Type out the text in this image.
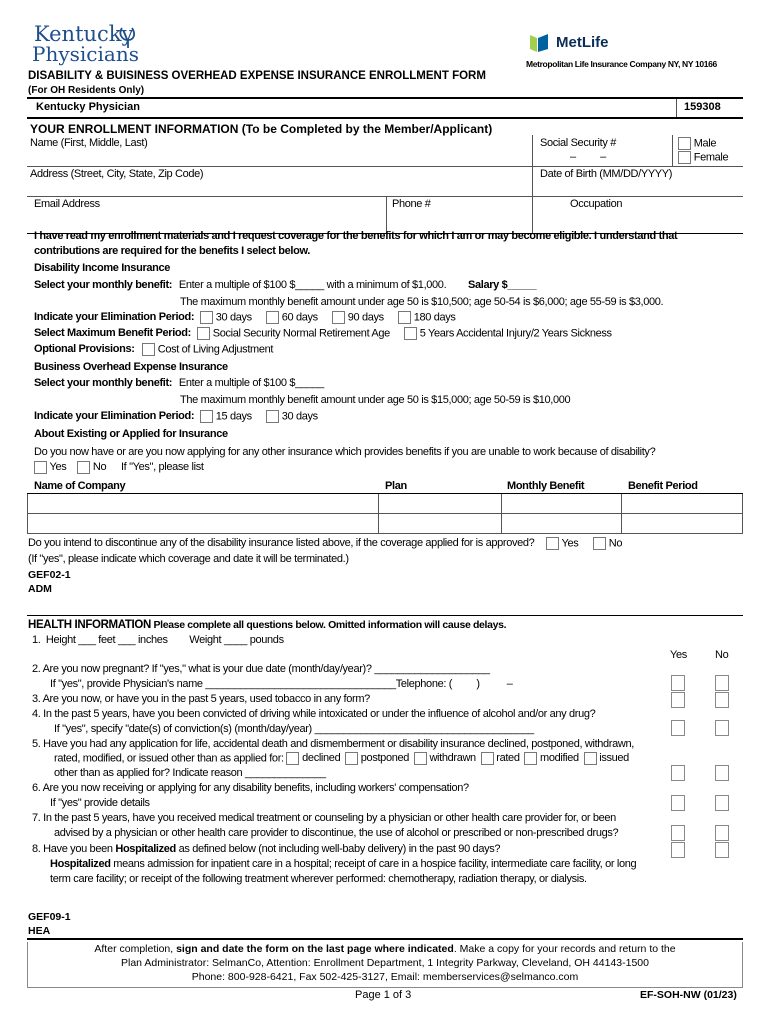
Kentucky
Physicians	MetLife
Metropolitan Life Insurance Company NY, NY 10166
DISABILITY & BUISINESS OVERHEAD EXPENSE INSURANCE ENROLLMENT FORM
(For OH Residents Only)
Kentucky Physician	159308
YOUR ENROLLMENT INFORMATION (To be Completed by the Member/Applicant)
Name (First, Middle, Last)	Social Security #
–         –
Male
Female
Address (Street, City, State, Zip Code)	Date of Birth (MM/DD/YYYY)
Email Address	Phone #	Occupation
I have read my enrollment materials and I request coverage for the benefits for which I am or may become eligible. I understand that
contributions are required for the benefits I select below.
Disability Income Insurance
Select your monthly benefit: Enter a multiple of $100 $_____ with a minimum of $1,000. Salary $_____
The maximum monthly benefit amount under age 50 is $10,500; age 50-54 is $6,000; age 55-59 is $3,000.
Indicate your Elimination Period:	30 days	60 days	90 days	180 days
Select Maximum Benefit Period:	Social Security Normal Retirement Age	5 Years Accidental Injury/2 Years Sickness
Optional Provisions:	Cost of Living Adjustment
Business Overhead Expense Insurance
Select your monthly benefit: Enter a multiple of $100 $_____
The maximum monthly benefit amount under age 50 is $15,000; age 50-59 is $10,000
Indicate your Elimination Period:	15 days	30 days
About Existing or Applied for Insurance
Do you now have or are you now applying for any other insurance which provides benefits if you are unable to work because of disability?
Yes No If "Yes", please list
Name of Company	Plan	Monthly Benefit	Benefit Period
Do you intend to discontinue any of the disability insurance listed above, if the coverage applied for is approved?	Yes	No
(If "yes", please indicate which coverage and date it will be terminated.)
GEF02-1
ADM
HEALTH INFORMATION Please complete all questions below. Omitted information will cause delays.
1.  Height ___ feet ___ inches        Weight ____ pounds
Yes	No
2. Are you now pregnant? If "yes," what is your due date (month/day/year)? ____________________
If "yes", provide Physician's name _________________________________Telephone: (         )          –
3. Are you now, or have you in the past 5 years, used tobacco in any form?
4. In the past 5 years, have you been convicted of driving while intoxicated or under the influence of alcohol and/or any drug?
If "yes", specify "date(s) of conviction(s) (month/day/year) ______________________________________
5. Have you had any application for life, accidental death and dismemberment or disability insurance declined, postponed, withdrawn,
rated, modified, or issued other than as applied for: declined postponed withdrawn rated modified issued
other than as applied for? Indicate reason ______________
6. Are you now receiving or applying for any disability benefits, including workers' compensation?
If "yes" provide details
7. In the past 5 years, have you received medical treatment or counseling by a physician or other health care provider for, or been
advised by a physician or other health care provider to discontinue, the use of alcohol or prescribed or non-prescribed drugs?
8. Have you been Hospitalized as defined below (not including well-baby delivery) in the past 90 days?
Hospitalized means admission for inpatient care in a hospital; receipt of care in a hospice facility, intermediate care facility, or long
term care facility; or receipt of the following treatment wherever performed: chemotherapy, radiation therapy, or dialysis.
GEF09-1
HEA
After completion, sign and date the form on the last page where indicated. Make a copy for your records and return to the
Plan Administrator: SelmanCo, Attention: Enrollment Department, 1 Integrity Parkway, Cleveland, OH 44143-1500
Phone: 800-928-6421, Fax 502-425-3127, Email: memberservices@selmanco.com
Page 1 of 3	EF-SOH-NW (01/23)
